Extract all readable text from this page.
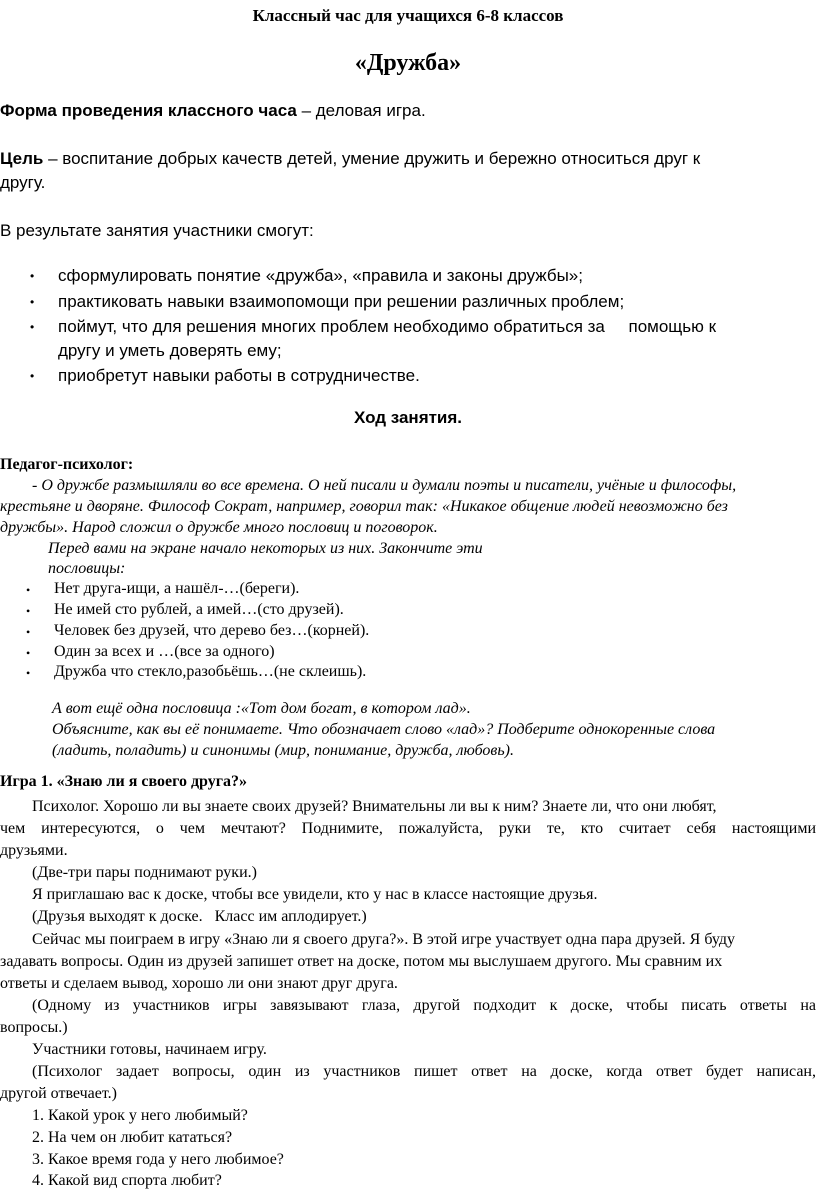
Классный час для учащихся 6-8 классов
«Дружба»
Форма проведения классного часа – деловая игра.
Цель – воспитание добрых качеств детей, умение дружить и бережно относиться друг к
другу.
В результате занятия участники смогут:
• сформулировать понятие «дружба», «правила и законы дружбы»;
• практиковать навыки взаимопомощи при решении различных проблем;
• поймут, что для решения многих проблем необходимо обратиться за     помощью к
другу и уметь доверять ему;
• приобретут навыки работы в сотрудничестве.
Ход занятия.
Педагог-психолог:
- О дружбе размышляли во все времена. О ней писали и думали поэты и писатели, учёные и философы,
крестьяне и дворяне. Философ Сократ, например, говорил так: «Никакое общение людей невозможно без
дружбы». Народ сложил о дружбе много пословиц и поговорок.
Перед вами на экране начало некоторых из них. Закончите эти
пословицы:
• Нет друга-ищи, а нашёл-…(береги).
• Не имей сто рублей, а имей…(сто друзей).
• Человек без друзей, что дерево без…(корней).
• Один за всех и …(все за одного)
• Дружба что стекло,разобьёшь…(не склеишь).
А вот ещё одна пословица :«Тот дом богат, в котором лад».
Объясните, как вы её понимаете. Что обозначает слово «лад»? Подберите однокоренные слова
(ладить, поладить) и синонимы (мир, понимание, дружба, любовь).
Игра 1. «Знаю ли я своего друга?»
Психолог. Хорошо ли вы знаете своих друзей? Внимательны ли вы к ним? Знаете ли, что они любят,
чем интересуются, о чем мечтают? Поднимите, пожалуйста, руки те, кто считает себя настоящими
друзьями.
(Две-три пары поднимают руки.)
Я приглашаю вас к доске, чтобы все увидели, кто у нас в классе настоящие друзья.
(Друзья выходят к доске.   Класс им аплодирует.)
Сейчас мы поиграем в игру «Знаю ли я своего друга?». В этой игре участвует одна пара друзей. Я буду
задавать вопросы. Один из друзей запишет ответ на доске, потом мы выслушаем другого. Мы сравним их
ответы и сделаем вывод, хорошо ли они знают друг друга.
(Одному из участников игры завязывают глаза, другой подходит к доске, чтобы писать ответы на
вопросы.)
Участники готовы, начинаем игру.
(Психолог задает вопросы, один из участников пишет ответ на доске, когда ответ будет написан,
другой отвечает.)
1. Какой урок у него любимый?
2. На чем он любит кататься?
3. Какое время года у него любимое?
4. Какой вид спорта любит?
